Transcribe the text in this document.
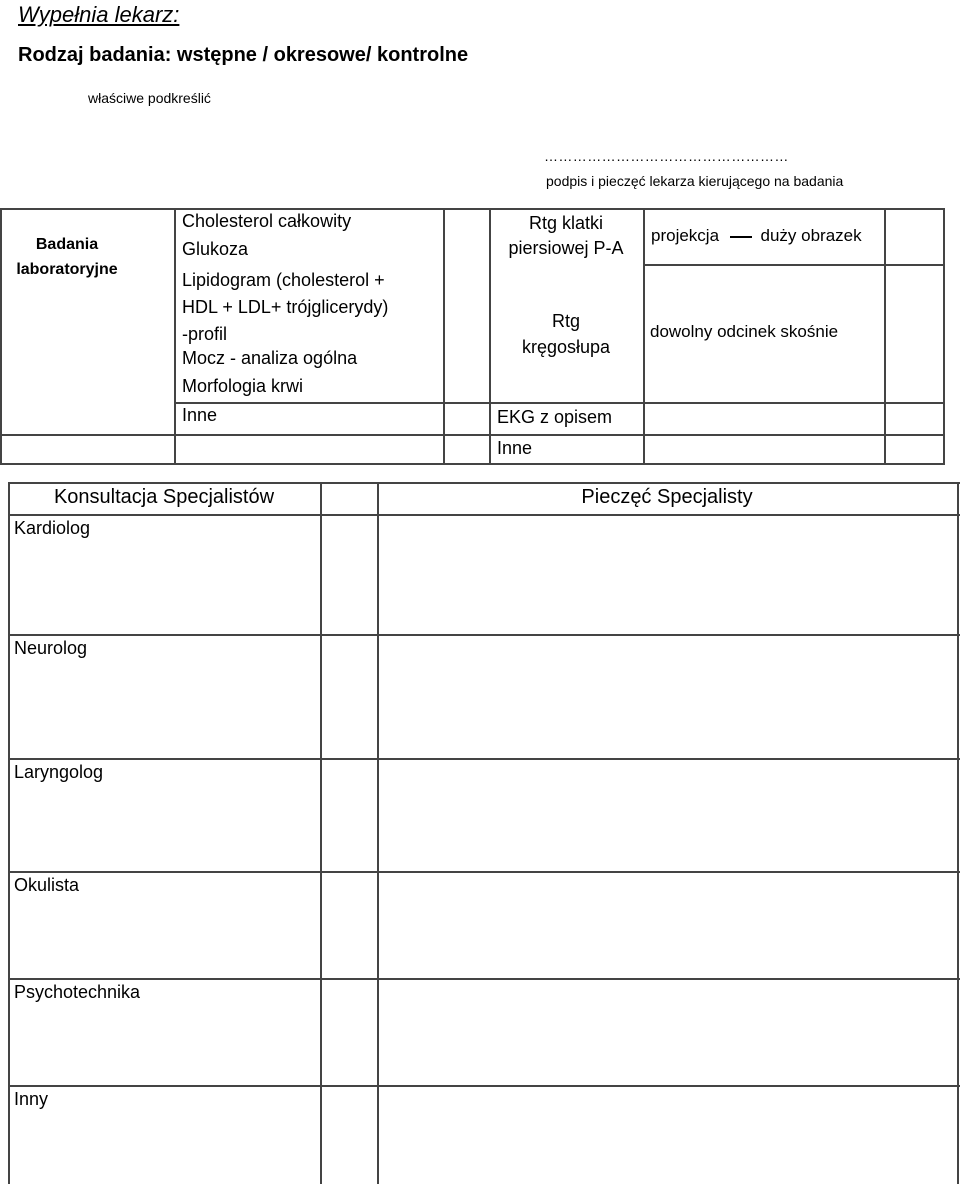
Wypełnia lekarz:
Rodzaj badania: wstępne / okresowe/ kontrolne
właściwe podkreślić
……………………………………………
podpis i pieczęć lekarza kierującego na badania
Badania
laboratoryjne
Cholesterol całkowity
Glukoza
Lipidogram (cholesterol +
HDL + LDL+ trójglicerydy)
-profil
Mocz - analiza ogólna
Morfologia krwi
Inne
Rtg klatki
piersiowej P-A
Rtg
kręgosłupa
EKG z opisem
Inne
projekcja duży obrazek
dowolny odcinek skośnie
Konsultacja Specjalistów	Pieczęć Specjalisty
Kardiolog
Neurolog
Laryngolog
Okulista
Psychotechnika
Inny
